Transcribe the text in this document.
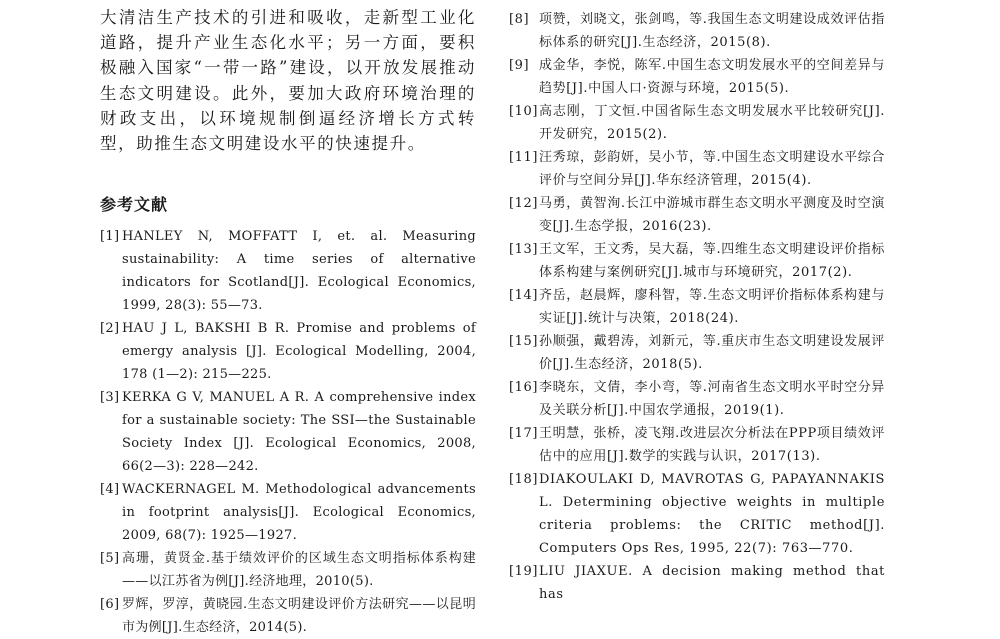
大清洁生产技术的引进和吸收，走新型工业化道路，提升产业生态化水平；另一方面，要积极融入国家“一带一路”建设，以开放发展推动生态文明建设。此外，要加大政府环境治理的财政支出，以环境规制倒逼经济增长方式转型，助推生态文明建设水平的快速提升。

参考文献

[1] HANLEY N, MOFFATT I, et. al. Measuring sustainability: A time series of alternative indicators for Scotland[J]. Ecological Economics, 1999, 28(3): 55—73.

[2] HAU J L, BAKSHI B R. Promise and problems of emergy analysis [J]. Ecological Modelling, 2004, 178 (1—2): 215—225.

[3] KERKA G V, MANUEL A R. A comprehensive index for a sustainable society: The SSI—the Sustainable Society Index [J]. Ecological Economics, 2008, 66(2—3): 228—242.

[4] WACKERNAGEL M. Methodological advancements in footprint analysis[J]. Ecological Economics, 2009, 68(7): 1925—1927.

[5] 高珊，黄贤金.基于绩效评价的区域生态文明指标体系构建——以江苏省为例[J].经济地理，2010(5).

[6] 罗辉，罗淳，黄晓园.生态文明建设评价方法研究——以昆明市为例[J].生态经济，2014(5).

[8] 项赞，刘晓文，张剑鸣，等.我国生态文明建设成效评估指标体系的研究[J].生态经济，2015(8).

[9] 成金华，李悦，陈军.中国生态文明发展水平的空间差异与趋势[J].中国人口·资源与环境，2015(5).

[10] 高志刚，丁文恒.中国省际生态文明发展水平比较研究[J].开发研究，2015(2).

[11] 汪秀琼，彭韵妍，吴小节，等.中国生态文明建设水平综合评价与空间分异[J].华东经济管理，2015(4).

[12] 马勇，黄智洵.长江中游城市群生态文明水平测度及时空演变[J].生态学报，2016(23).

[13] 王文军，王文秀，吴大磊，等.四维生态文明建设评价指标体系构建与案例研究[J].城市与环境研究，2017(2).

[14] 齐岳，赵晨辉，廖科智，等.生态文明评价指标体系构建与实证[J].统计与决策，2018(24).

[15] 孙顺强，戴碧涛，刘新元，等.重庆市生态文明建设发展评价[J].生态经济，2018(5).

[16] 李晓东，文倩，李小弯，等.河南省生态文明水平时空分异及关联分析[J].中国农学通报，2019(1).

[17] 王明慧，张桥，凌飞翔.改进层次分析法在PPP项目绩效评估中的应用[J].数学的实践与认识，2017(13).

[18] DIAKOULAKI D, MAVROTAS G, PAPAYANNAKIS L. Determining objective weights in multiple criteria problems: the CRITIC method[J]. Computers Ops Res, 1995, 22(7): 763—770.

[19] LIU JIAXUE. A decision making method that has
